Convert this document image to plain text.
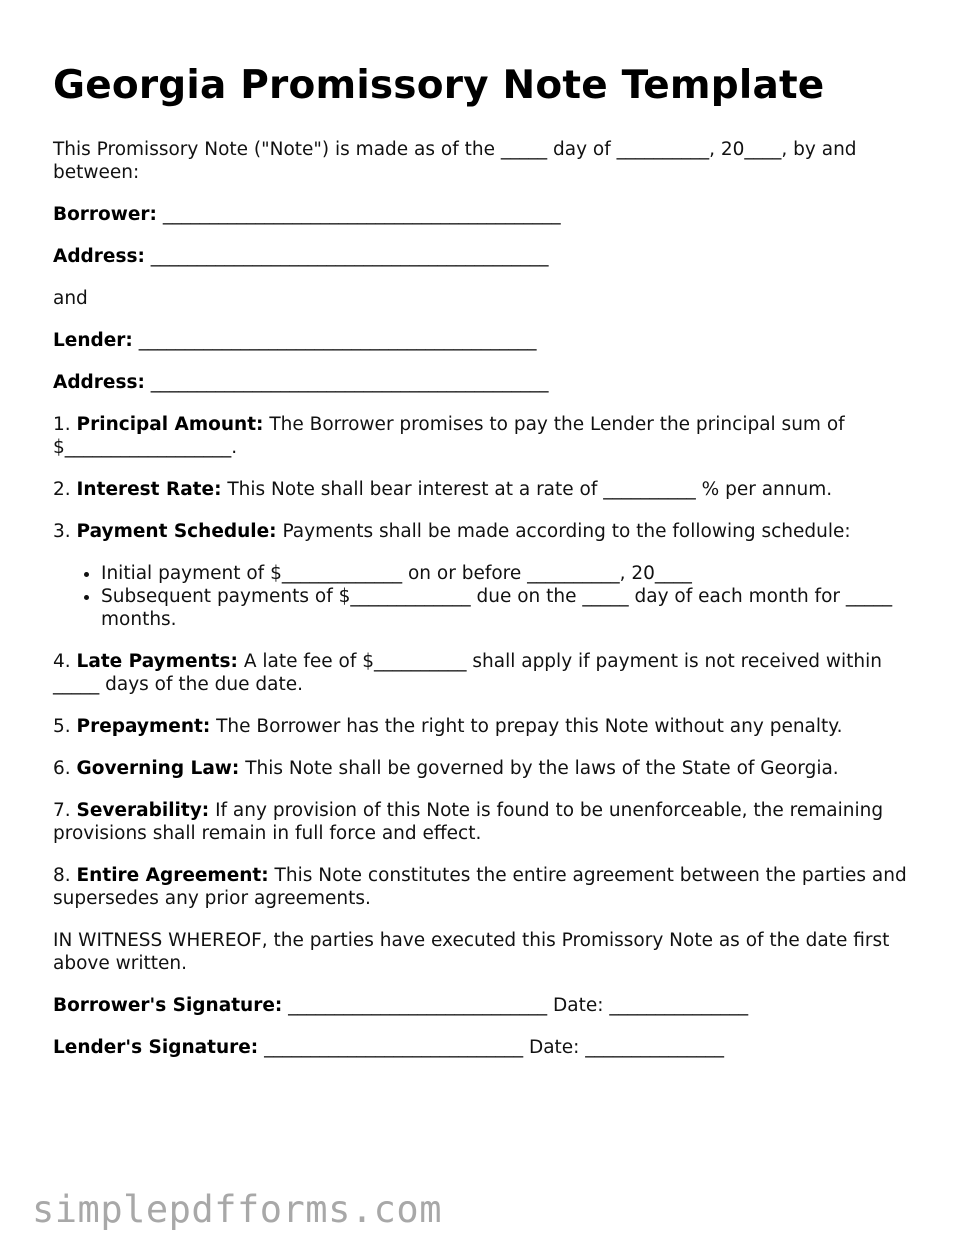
Georgia Promissory Note Template

This Promissory Note ("Note") is made as of the _____ day of __________, 20____, by and between:

Borrower: ___________________________________________

Address: ___________________________________________

and

Lender: ___________________________________________

Address: ___________________________________________

1. Principal Amount: The Borrower promises to pay the Lender the principal sum of $__________________.

2. Interest Rate: This Note shall bear interest at a rate of __________ % per annum.

3. Payment Schedule: Payments shall be made according to the following schedule:

• Initial payment of $_____________ on or before __________, 20____
• Subsequent payments of $_____________ due on the _____ day of each month for _____ months.

4. Late Payments: A late fee of $__________ shall apply if payment is not received within _____ days of the due date.

5. Prepayment: The Borrower has the right to prepay this Note without any penalty.

6. Governing Law: This Note shall be governed by the laws of the State of Georgia.

7. Severability: If any provision of this Note is found to be unenforceable, the remaining provisions shall remain in full force and effect.

8. Entire Agreement: This Note constitutes the entire agreement between the parties and supersedes any prior agreements.

IN WITNESS WHEREOF, the parties have executed this Promissory Note as of the date first above written.

Borrower's Signature: ____________________________ Date: _______________

Lender's Signature: ____________________________ Date: _______________

simplepdfforms.com
